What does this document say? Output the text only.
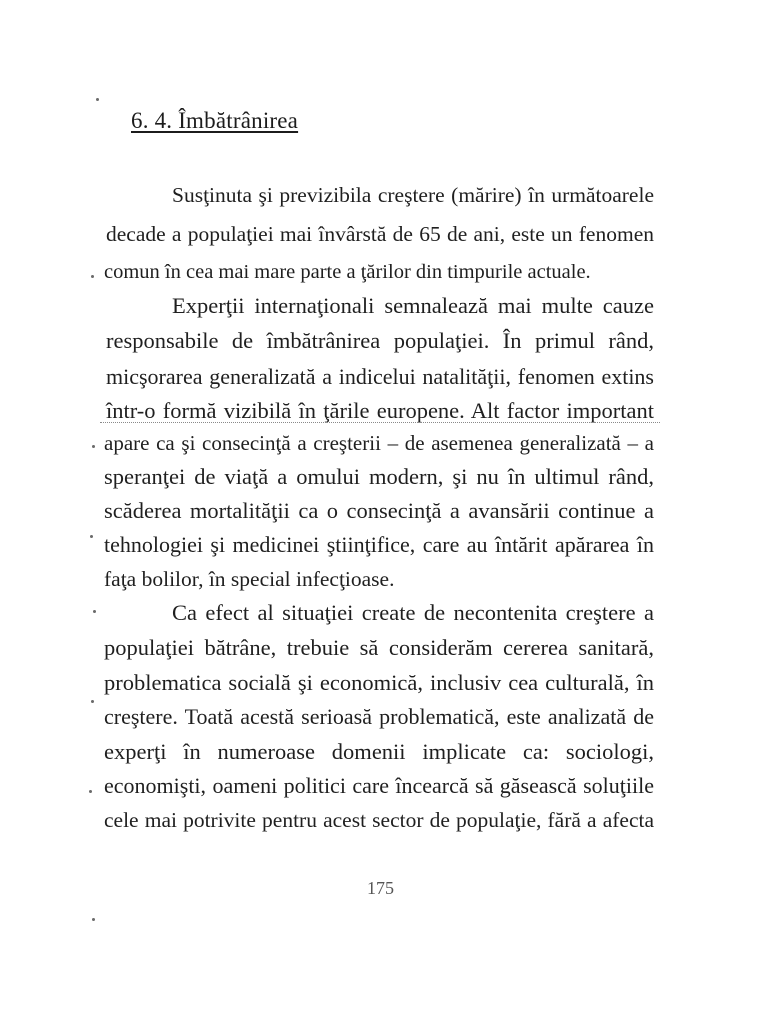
6. 4. Îmbătrânirea
Susţinuta şi previzibila creştere (mărire) în următoarele
decade a populaţiei mai învârstă de 65 de ani, este un fenomen
comun în cea mai mare parte a ţărilor din timpurile actuale.
Experţii internaţionali semnalează mai multe cauze
responsabile de îmbătrânirea populaţiei. În primul rând,
micşorarea generalizată a indicelui natalităţii, fenomen extins
într-o formă vizibilă în ţările europene. Alt factor important
apare ca şi consecinţă a creşterii – de asemenea generalizată – a
speranţei de viaţă a omului modern, şi nu în ultimul rând,
scăderea mortalităţii ca o consecinţă a avansării continue a
tehnologiei şi medicinei ştiinţifice, care au întărit apărarea în
faţa bolilor, în special infecţioase.
Ca efect al situaţiei create de necontenita creştere a
populaţiei bătrâne, trebuie să considerăm cererea sanitară,
problematica socială şi economică, inclusiv cea culturală, în
creştere. Toată acestă serioasă problematică, este analizată de
experţi în numeroase domenii implicate ca: sociologi,
economişti, oameni politici care încearcă să găsească soluţiile
cele mai potrivite pentru acest sector de populaţie, fără a afecta
175
